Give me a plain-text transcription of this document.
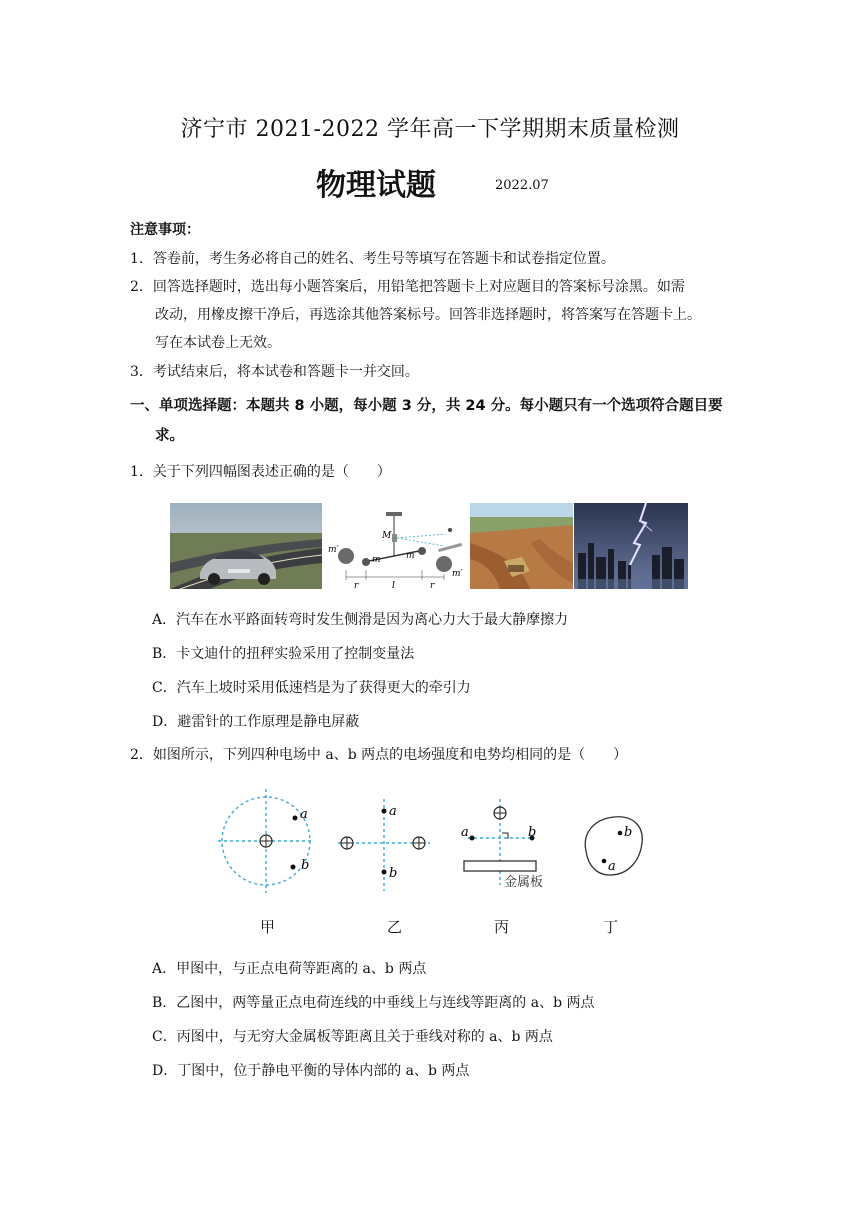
济宁市 2021-2022 学年高一下学期期末质量检测
物理试题	2022.07
注意事项：
1．答卷前，考生务必将自己的姓名、考生号等填写在答题卡和试卷指定位置。
2．回答选择题时，选出每小题答案后，用铅笔把答题卡上对应题目的答案标号涂黑。如需
改动，用橡皮擦干净后，再选涂其他答案标号。回答非选择题时，将答案写在答题卡上。
写在本试卷上无效。
3．考试结束后，将本试卷和答题卡一并交回。
一、单项选择题：本题共 8 小题，每小题 3 分，共 24 分。每小题只有一个选项符合题目要
求。
1．关于下列四幅图表述正确的是（　　）
M
m′
m	m
m′
r	l	r
A．汽车在水平路面转弯时发生侧滑是因为离心力大于最大静摩擦力
B．卡文迪什的扭秤实验采用了控制变量法
C．汽车上坡时采用低速档是为了获得更大的牵引力
D．避雷针的工作原理是静电屏蔽
2．如图所示，下列四种电场中 a、b 两点的电场强度和电势均相同的是（　　）
a
b
a
b
a	b
金属板
b
a
甲	乙	丙	丁
A．甲图中，与正点电荷等距离的 a、b 两点
B．乙图中，两等量正点电荷连线的中垂线上与连线等距离的 a、b 两点
C．丙图中，与无穷大金属板等距离且关于垂线对称的 a、b 两点
D．丁图中，位于静电平衡的导体内部的 a、b 两点
